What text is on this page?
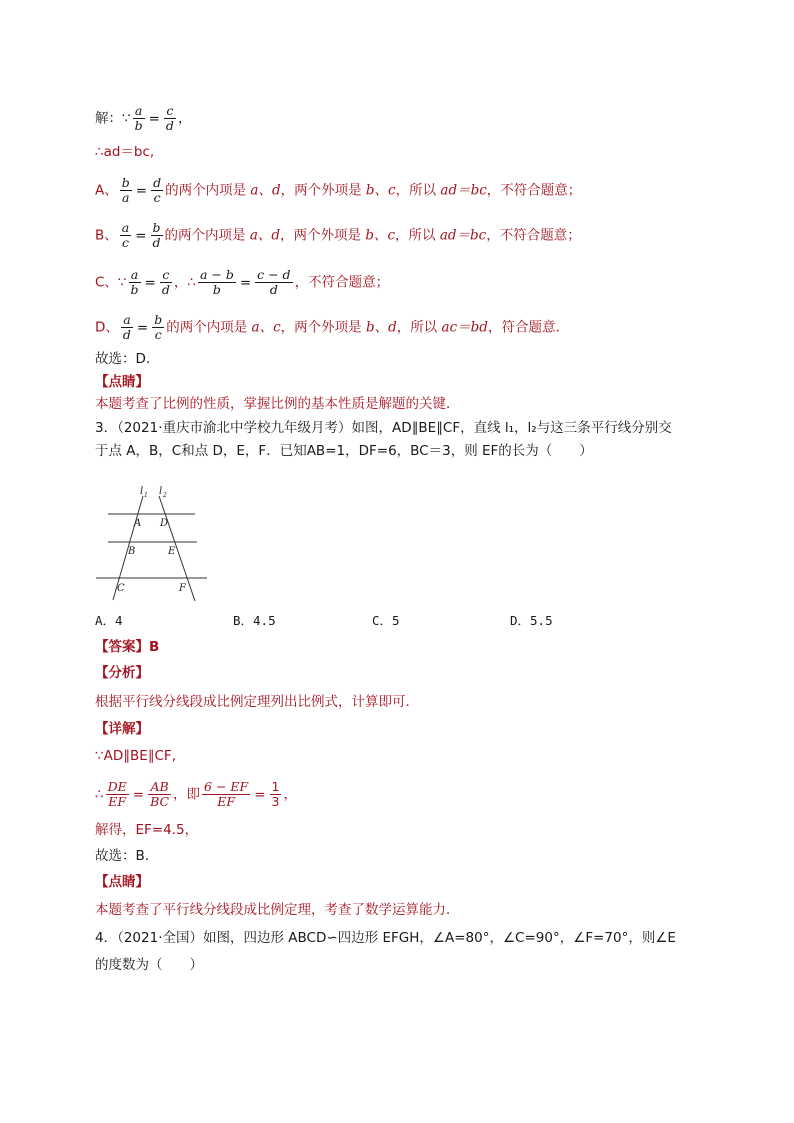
解：∵ $\frac{a}{b} = \frac{c}{d}$ ，
∴ad＝bc,
A、 $\frac{b}{a} = \frac{d}{c}$ 的两个内项是 a、d，两个外项是 b、c，所以 ad＝bc，不符合题意；
B、 $\frac{a}{c} = \frac{b}{d}$ 的两个内项是 a、d，两个外项是 b、c，所以 ad＝bc，不符合题意；
C、∵ $\frac{a}{b} = \frac{c}{d}$ ，∴ $\frac{a - b}{b} = \frac{c - d}{d}$ ，不符合题意；
D、 $\frac{a}{d} = \frac{b}{c}$ 的两个内项是 a、c，两个外项是 b、d，所以 ac＝bd，符合题意．
故选：D.
【点睛】
本题考查了比例的性质，掌握比例的基本性质是解题的关键．
3．（2021·重庆市渝北中学校九年级月考）如图，AD∥BE∥CF，直线 l₁，l₂与这三条平行线分别交
于点 A，B，C和点 D，E，F．已知AB=1，DF=6，BC＝3，则 EF的长为（　　）
l 1 l 2
A D
B	E
C	F
A．4	B．4.5	C．5	D．5.5
【答案】B
【分析】
根据平行线分线段成比例定理列出比例式，计算即可．
【详解】
∵AD∥BE∥CF,
∴ $\frac{DE}{EF} = \frac{AB}{BC}$ ，即 $\frac{6 - EF}{EF} = \frac{1}{3}$ ，
解得，EF=4.5，
故选：B.
【点睛】
本题考查了平行线分线段成比例定理，考查了数学运算能力．
4．（2021·全国）如图，四边形 ABCD∽四边形 EFGH，∠A=80°，∠C=90°，∠F=70°，则∠E
的度数为（　　）
